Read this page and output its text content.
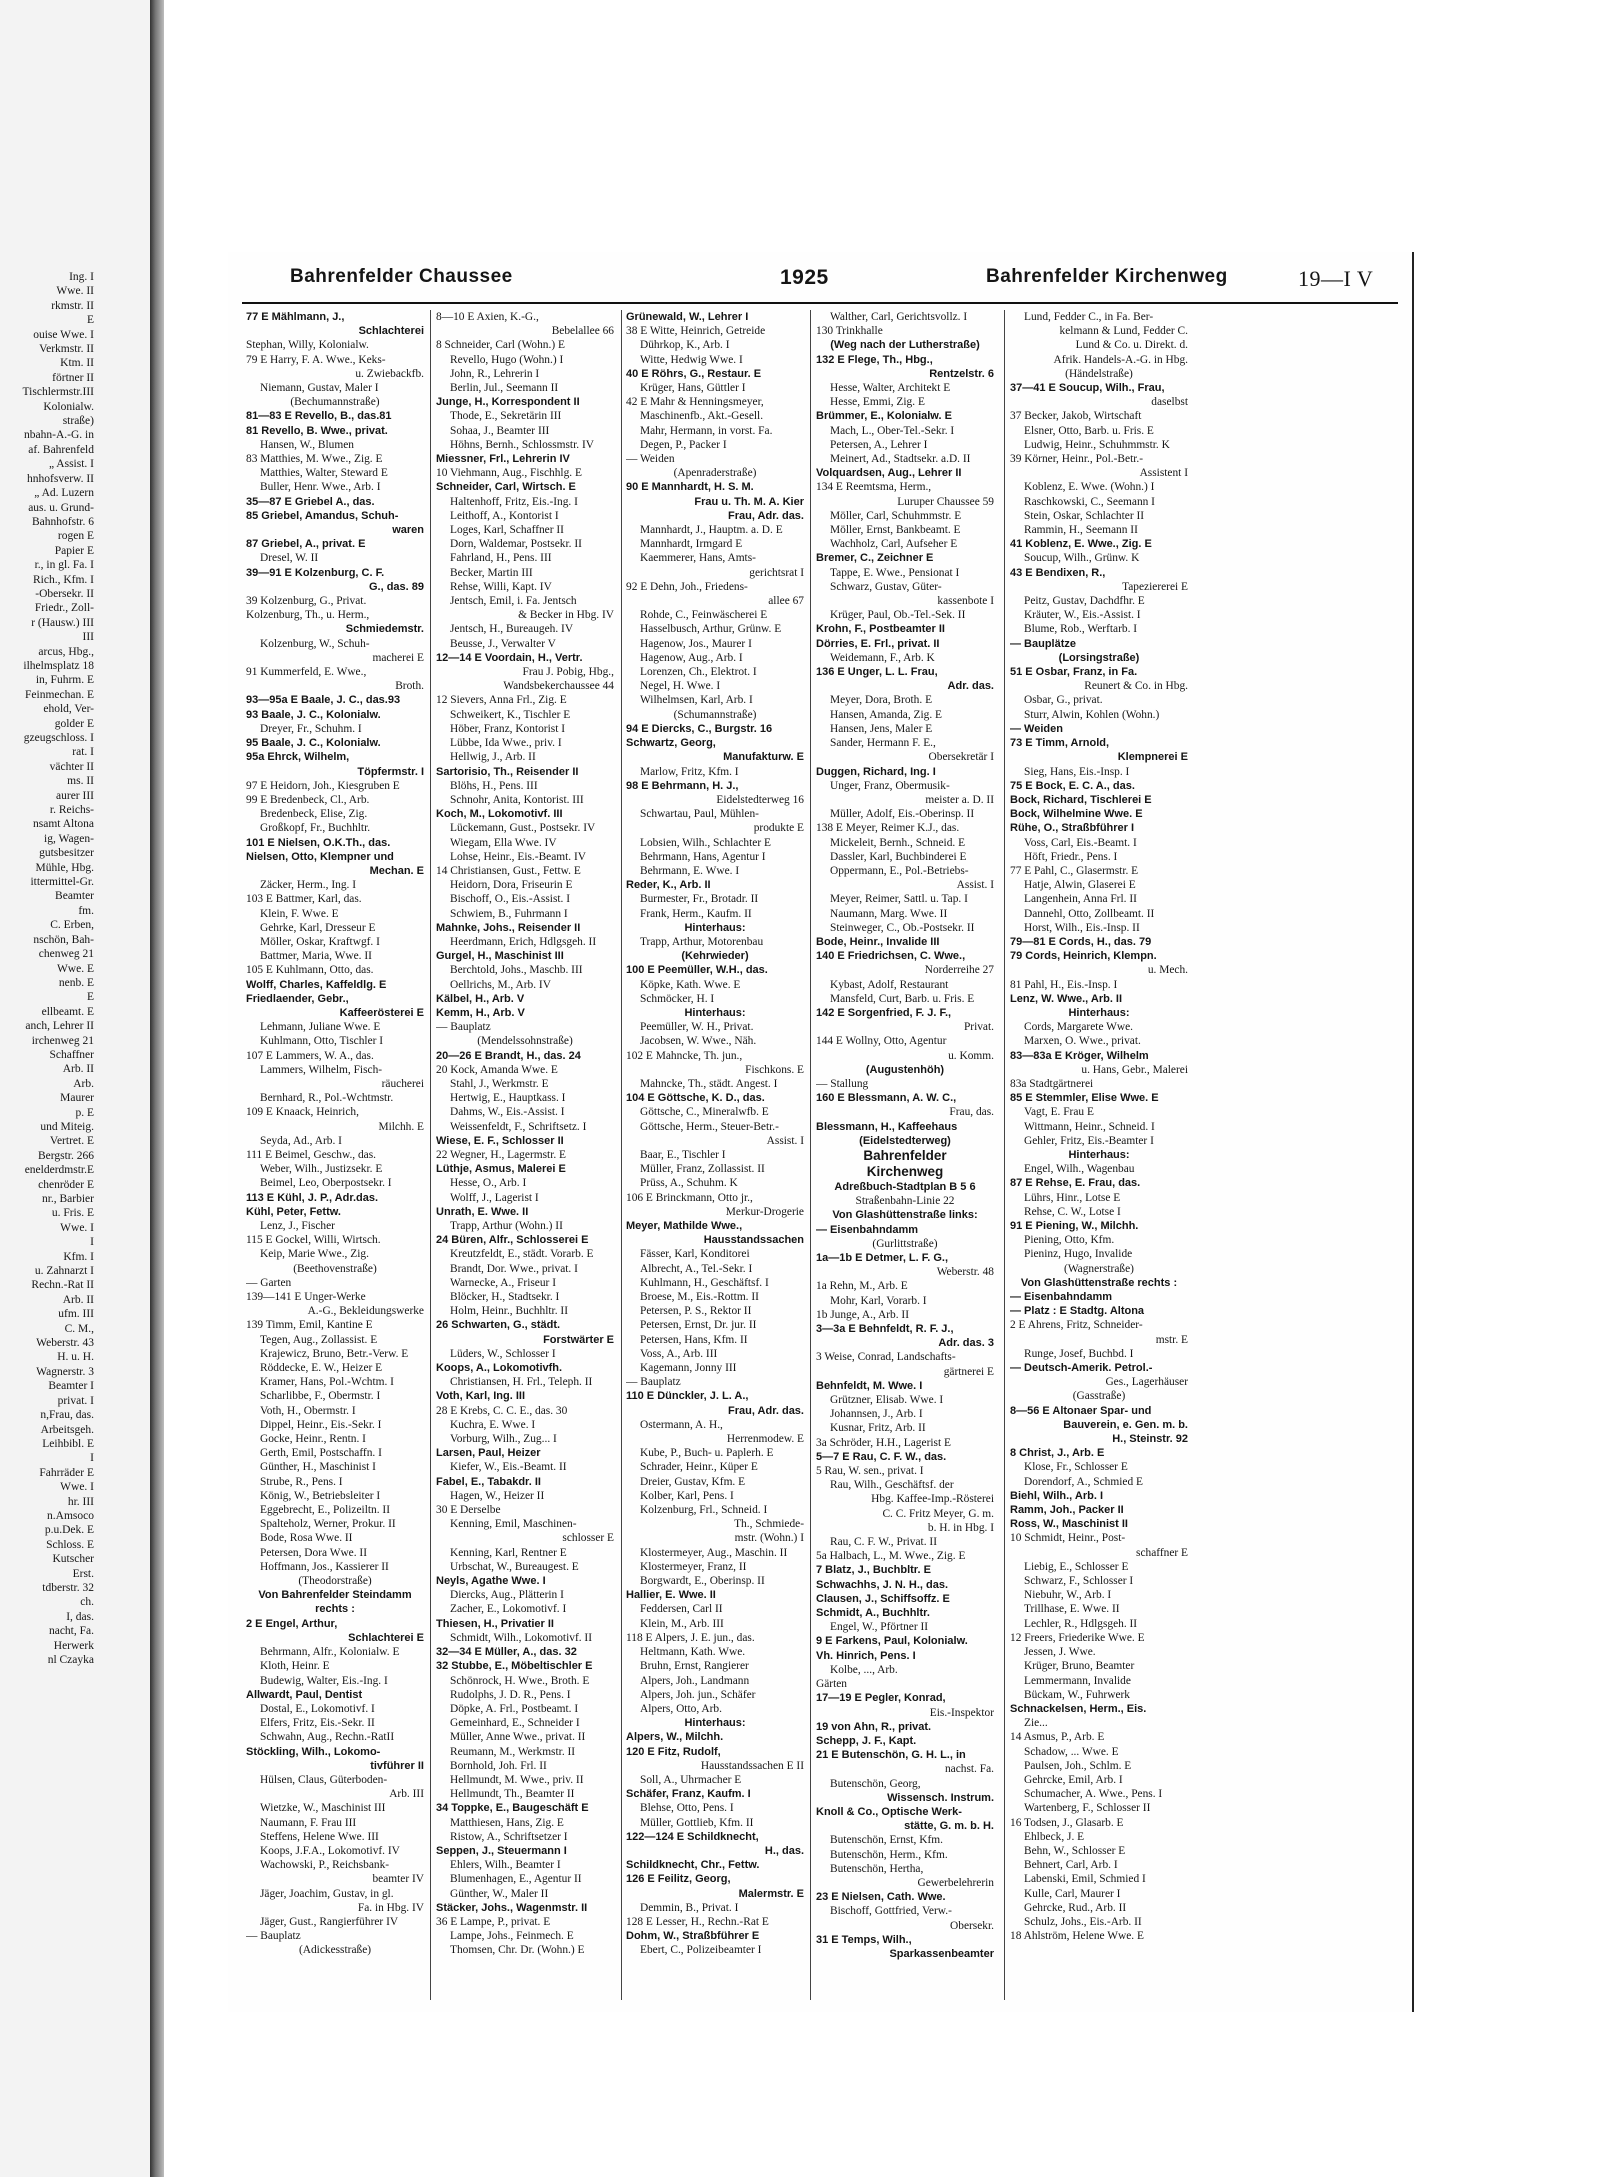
Ing. I
Wwe. II
rkmstr. II
E
ouise Wwe. I
Verkmstr. II
Ktm. II
förtner II
Tischlermstr.III
Kolonialw.
straße)
nbahn-A.-G. in
af. Bahrenfeld
„ Assist. I
hnhofsverw. II
„ Ad. Luzern
aus. u. Grund-
Bahnhofstr. 6
rogen E
Papier E
r., in gl. Fa. I
Rich., Kfm. I
-Obersekr. II
Friedr., Zoll-
r (Hausw.) III
III
arcus, Hbg.,
ilhelmsplatz 18
in, Fuhrm. E
Feinmechan. E
ehold, Ver-
golder E
gzeugschloss. I
rat. I
vächter II
ms. II
aurer III
r. Reichs-
nsamt Altona
ig, Wagen-
gutsbesitzer
Mühle, Hbg.
ittermittel-Gr.
Beamter
fm.
C. Erben,
nschön, Bah-
chenweg 21
Wwe. E
nenb. E
E
ellbeamt. E
anch, Lehrer II
irchenweg 21
Schaffner
Arb. II
Arb.
Maurer
p. E
und Miteig.
Vertret. E
Bergstr. 266
enelderdmstr.E
chenröder E
nr., Barbier
u. Fris. E
Wwe. I
I
Kfm. I
u. Zahnarzt I
Rechn.-Rat II
Arb. II
ufm. III
C. M.,
Weberstr. 43
H. u. H.
Wagnerstr. 3
Beamter I
privat. I
n,Frau, das.
Arbeitsgeh.
Leihbibl. E
I
Fahrräder E
Wwe. I
hr. III
n.Amsoco
p.u.Dek. E
Schloss. E
Kutscher
Erst.
tdberstr. 32
ch.
I, das.
nacht, Fa.
Herwerk
nl Czayka
Bahrenfelder Chaussee	1925	Bahrenfelder Kirchenweg	19—I V
77 E Mählmann, J.,
Schlachterei
Stephan, Willy, Kolonialw.
79 E Harry, F. A. Wwe., Keks-
u. Zwiebackfb.
Niemann, Gustav, Maler I
(Bechumannstraße)
81—83 E Revello, B., das.81
81 Revello, B. Wwe., privat.
Hansen, W., Blumen
83 Matthies, M. Wwe., Zig. E
Matthies, Walter, Steward E
Buller, Henr. Wwe., Arb. I
35—87 E Griebel A., das.
85 Griebel, Amandus, Schuh-
waren
87 Griebel, A., privat. E
Dresel, W. II
39—91 E Kolzenburg, C. F.
G., das. 89
39 Kolzenburg, G., Privat.
Kolzenburg, Th., u. Herm.,
Schmiedemstr.
Kolzenburg, W., Schuh-
macherei E
91 Kummerfeld, E. Wwe.,
Broth.
93—95a E Baale, J. C., das.93
93 Baale, J. C., Kolonialw.
Dreyer, Fr., Schuhm. I
95 Baale, J. C., Kolonialw.
95a Ehrck, Wilhelm,
Töpfermstr. I
97 E Heidorn, Joh., Kiesgruben E
99 E Bredenbeck, Cl., Arb.
Bredenbeck, Elise, Zig.
Großkopf, Fr., Buchhltr.
101 E Nielsen, O.K.Th., das.
Nielsen, Otto, Klempner und
Mechan. E
Zäcker, Herm., Ing. I
103 E Battmer, Karl, das.
Klein, F. Wwe. E
Gehrke, Karl, Dresseur E
Möller, Oskar, Kraftwgf. I
Battmer, Maria, Wwe. II
105 E Kuhlmann, Otto, das.
Wolff, Charles, Kaffeldlg. E
Friedlaender, Gebr.,
Kaffeerösterei E
Lehmann, Juliane Wwe. E
Kuhlmann, Otto, Tischler I
107 E Lammers, W. A., das.
Lammers, Wilhelm, Fisch-
räucherei
Bernhard, R., Pol.-Wchtmstr.
109 E Knaack, Heinrich,
Milchh. E
Seyda, Ad., Arb. I
111 E Beimel, Geschw., das.
Weber, Wilh., Justizsekr. E
Beimel, Leo, Oberpostsekr. I
113 E Kühl, J. P., Adr.das.
Kühl, Peter, Fettw.
Lenz, J., Fischer
115 E Gockel, Willi, Wirtsch.
Keip, Marie Wwe., Zig.
(Beethovenstraße)
— Garten
139—141 E Unger-Werke
A.-G., Bekleidungswerke
139 Timm, Emil, Kantine E
Tegen, Aug., Zollassist. E
Krajewicz, Bruno, Betr.-Verw. E
Röddecke, E. W., Heizer E
Kramer, Hans, Pol.-Wchtm. I
Scharlibbe, F., Obermstr. I
Voth, H., Obermstr. I
Dippel, Heinr., Eis.-Sekr. I
Gocke, Heinr., Rentn. I
Gerth, Emil, Postschaffn. I
Günther, H., Maschinist I
Strube, R., Pens. I
König, W., Betriebsleiter I
Eggebrecht, E., Polizeiltn. II
Spalteholz, Werner, Prokur. II
Bode, Rosa Wwe. II
Petersen, Dora Wwe. II
Hoffmann, Jos., Kassierer II
(Theodorstraße)
Von Bahrenfelder Steindamm
rechts :
2 E Engel, Arthur,
Schlachterei E
Behrmann, Alfr., Kolonialw. E
Kloth, Heinr. E
Budewig, Walter, Eis.-Ing. I
Allwardt, Paul, Dentist
Dostal, E., Lokomotivf. I
Elfers, Fritz, Eis.-Sekr. II
Schwahn, Aug., Rechn.-RatII
Stöckling, Wilh., Lokomo-
tivführer II
Hülsen, Claus, Güterboden-
Arb. III
Wietzke, W., Maschinist III
Naumann, F. Frau III
Steffens, Helene Wwe. III
Koops, J.F.A., Lokomotivf. IV
Wachowski, P., Reichsbank-
beamter IV
Jäger, Joachim, Gustav, in gl.
Fa. in Hbg. IV
Jäger, Gust., Rangierführer IV
— Bauplatz
(Adickesstraße)
8—10 E Axien, K.-G.,
Bebelallee 66
8 Schneider, Carl (Wohn.) E
Revello, Hugo (Wohn.) I
John, R., Lehrerin I
Berlin, Jul., Seemann II
Junge, H., Korrespondent II
Thode, E., Sekretärin III
Sohaa, J., Beamter III
Höhns, Bernh., Schlossmstr. IV
Miessner, Frl., Lehrerin IV
10 Viehmann, Aug., Fischhlg. E
Schneider, Carl, Wirtsch. E
Haltenhoff, Fritz, Eis.-Ing. I
Leithoff, A., Kontorist I
Loges, Karl, Schaffner II
Dorn, Waldemar, Postsekr. II
Fahrland, H., Pens. III
Becker, Martin III
Rehse, Willi, Kapt. IV
Jentsch, Emil, i. Fa. Jentsch
& Becker in Hbg. IV
Jentsch, H., Bureaugeh. IV
Beusse, J., Verwalter V
12—14 E Voordain, H., Vertr.
Frau J. Pobig, Hbg.,
Wandsbekerchaussee 44
12 Sievers, Anna Frl., Zig. E
Schweikert, K., Tischler E
Höber, Franz, Kontorist I
Lübbe, Ida Wwe., priv. I
Hellwig, J., Arb. II
Sartorisio, Th., Reisender II
Blöhs, H., Pens. III
Schnohr, Anita, Kontorist. III
Koch, M., Lokomotivf. III
Lückemann, Gust., Postsekr. IV
Wiegam, Ella Wwe. IV
Lohse, Heinr., Eis.-Beamt. IV
14 Christiansen, Gust., Fettw. E
Heidorn, Dora, Friseurin E
Bischoff, O., Eis.-Assist. I
Schwiem, B., Fuhrmann I
Mahnke, Johs., Reisender II
Heerdmann, Erich, Hdlgsgeh. II
Gurgel, H., Maschinist III
Berchtold, Johs., Maschb. III
Oellrichs, M., Arb. IV
Kälbel, H., Arb. V
Kemm, H., Arb. V
— Bauplatz
(Mendelssohnstraße)
20—26 E Brandt, H., das. 24
20 Kock, Amanda Wwe. E
Stahl, J., Werkmstr. E
Hertwig, E., Hauptkass. I
Dahms, W., Eis.-Assist. I
Weissenfeldt, F., Schriftsetz. I
Wiese, E. F., Schlosser II
22 Wegner, H., Lagermstr. E
Lüthje, Asmus, Malerei E
Hesse, O., Arb. I
Wolff, J., Lagerist I
Unrath, E. Wwe. II
Trapp, Arthur (Wohn.) II
24 Büren, Alfr., Schlosserei E
Kreutzfeldt, E., städt. Vorarb. E
Brandt, Dor. Wwe., privat. I
Warnecke, A., Friseur I
Blöcker, H., Stadtsekr. I
Holm, Heinr., Buchhltr. II
26 Schwarten, G., städt.
Forstwärter E
Lüders, W., Schlosser I
Koops, A., Lokomotivfh.
Christiansen, H. Frl., Teleph. II
Voth, Karl, Ing. III
28 E Krebs, C. C. E., das. 30
Kuchra, E. Wwe. I
Vorburg, Wilh., Zug... I
Larsen, Paul, Heizer
Kiefer, W., Eis.-Beamt. II
Fabel, E., Tabakdr. II
Hagen, W., Heizer II
30 E Derselbe
Kenning, Emil, Maschinen-
schlosser E
Kenning, Karl, Rentner E
Urbschat, W., Bureaugest. E
Neyls, Agathe Wwe. I
Diercks, Aug., Plätterin I
Zacher, E., Lokomotivf. I
Thiesen, H., Privatier II
Schmidt, Wilh., Lokomotivf. II
32—34 E Müller, A., das. 32
32 Stubbe, E., Möbeltischler E
Schönrock, H. Wwe., Broth. E
Rudolphs, J. D. R., Pens. I
Döpke, A. Frl., Postbeamt. I
Gemeinhard, E., Schneider I
Müller, Anne Wwe., privat. II
Reumann, M., Werkmstr. II
Bornhold, Joh. Frl. II
Hellmundt, M. Wwe., priv. II
Hellmundt, Th., Beamter II
34 Toppke, E., Baugeschäft E
Matthiesen, Hans, Zig. E
Ristow, A., Schriftsetzer I
Seppen, J., Steuermann I
Ehlers, Wilh., Beamter I
Blumenhagen, E., Agentur II
Günther, W., Maler II
Stäcker, Johs., Wagenmstr. II
36 E Lampe, P., privat. E
Lampe, Johs., Feinmech. E
Thomsen, Chr. Dr. (Wohn.) E
Grünewald, W., Lehrer I
38 E Witte, Heinrich, Getreide
Dührkop, K., Arb. I
Witte, Hedwig Wwe. I
40 E Röhrs, G., Restaur. E
Krüger, Hans, Güttler I
42 E Mahr & Henningsmeyer,
Maschinenfb., Akt.-Gesell.
Mahr, Hermann, in vorst. Fa.
Degen, P., Packer I
— Weiden
(Apenraderstraße)
90 E Mannhardt, H. S. M.
Frau u. Th. M. A. Kier
Frau, Adr. das.
Mannhardt, J., Hauptm. a. D. E
Mannhardt, Irmgard E
Kaemmerer, Hans, Amts-
gerichtsrat I
92 E Dehn, Joh., Friedens-
allee 67
Rohde, C., Feinwäscherei E
Hasselbusch, Arthur, Grünw. E
Hagenow, Jos., Maurer I
Hagenow, Aug., Arb. I
Lorenzen, Ch., Elektrot. I
Negel, H. Wwe. I
Wilhelmsen, Karl, Arb. I
(Schumannstraße)
94 E Diercks, C., Burgstr. 16
Schwartz, Georg,
Manufakturw. E
Marlow, Fritz, Kfm. I
98 E Behrmann, H. J.,
Eidelstedterweg 16
Schwartau, Paul, Mühlen-
produkte E
Lobsien, Wilh., Schlachter E
Behrmann, Hans, Agentur I
Behrmann, E. Wwe. I
Reder, K., Arb. II
Burmester, Fr., Brotadr. II
Frank, Herm., Kaufm. II
Hinterhaus:
Trapp, Arthur, Motorenbau
(Kehrwieder)
100 E Peemüller, W.H., das.
Köpke, Kath. Wwe. E
Schmöcker, H. I
Hinterhaus:
Peemüller, W. H., Privat.
Jacobsen, W. Wwe., Näh.
102 E Mahncke, Th. jun.,
Fischkons. E
Mahncke, Th., städt. Angest. I
104 E Göttsche, K. D., das.
Göttsche, C., Mineralwfb. E
Göttsche, Herm., Steuer-Betr.-
Assist. I
Baar, E., Tischler I
Müller, Franz, Zollassist. II
Prüss, A., Schuhm. K
106 E Brinckmann, Otto jr.,
Merkur-Drogerie
Meyer, Mathilde Wwe.,
Hausstandssachen
Fässer, Karl, Konditorei
Albrecht, A., Tel.-Sekr. I
Kuhlmann, H., Geschäftsf. I
Broese, M., Eis.-Rottm. II
Petersen, P. S., Rektor II
Petersen, Ernst, Dr. jur. II
Petersen, Hans, Kfm. II
Voss, A., Arb. III
Kagemann, Jonny III
— Bauplatz
110 E Dünckler, J. L. A.,
Frau, Adr. das.
Ostermann, A. H.,
Herrenmodew. E
Kube, P., Buch- u. Paplerh. E
Schrader, Heinr., Küper E
Dreier, Gustav, Kfm. E
Kolber, Karl, Pens. I
Kolzenburg, Frl., Schneid. I
Th., Schmiede-
mstr. (Wohn.) I
Klostermeyer, Aug., Maschin. II
Klostermeyer, Franz, II
Borgwardt, E., Oberinsp. II
Hallier, E. Wwe. II
Feddersen, Carl II
Klein, M., Arb. III
118 E Alpers, J. E. jun., das.
Heltmann, Kath. Wwe.
Bruhn, Ernst, Rangierer
Alpers, Joh., Landmann
Alpers, Joh. jun., Schäfer
Alpers, Otto, Arb.
Hinterhaus:
Alpers, W., Milchh.
120 E Fitz, Rudolf,
Hausstandssachen E II
Soll, A., Uhrmacher E
Schäfer, Franz, Kaufm. I
Blehse, Otto, Pens. I
Müller, Gottlieb, Kfm. II
122—124 E Schildknecht,
H., das.
Schildknecht, Chr., Fettw.
126 E Feilitz, Georg,
Malermstr. E
Demmin, B., Privat. I
128 E Lesser, H., Rechn.-Rat E
Dohm, W., Straßbführer E
Ebert, C., Polizeibeamter I
Walther, Carl, Gerichtsvollz. I
130 Trinkhalle
(Weg nach der Lutherstraße)
132 E Flege, Th., Hbg.,
Rentzelstr. 6
Hesse, Walter, Architekt E
Hesse, Emmi, Zig. E
Brümmer, E., Kolonialw. E
Mach, L., Ober-Tel.-Sekr. I
Petersen, A., Lehrer I
Meinert, Ad., Stadtsekr. a.D. II
Volquardsen, Aug., Lehrer II
134 E Reemtsma, Herm.,
Luruper Chaussee 59
Möller, Carl, Schuhmmstr. E
Möller, Ernst, Bankbeamt. E
Wachholz, Carl, Aufseher E
Bremer, C., Zeichner E
Tappe, E. Wwe., Pensionat I
Schwarz, Gustav, Güter-
kassenbote I
Krüger, Paul, Ob.-Tel.-Sek. II
Krohn, F., Postbeamter II
Dörries, E. Frl., privat. II
Weidemann, F., Arb. K
136 E Unger, L. L. Frau,
Adr. das.
Meyer, Dora, Broth. E
Hansen, Amanda, Zig. E
Hansen, Jens, Maler E
Sander, Hermann F. E.,
Obersekretär I
Duggen, Richard, Ing. I
Unger, Franz, Obermusik-
meister a. D. II
Müller, Adolf, Eis.-Oberinsp. II
138 E Meyer, Reimer K.J., das.
Mickeleit, Bernh., Schneid. E
Dassler, Karl, Buchbinderei E
Oppermann, E., Pol.-Betriebs-
Assist. I
Meyer, Reimer, Sattl. u. Tap. I
Naumann, Marg. Wwe. II
Steinweger, C., Ob.-Postsekr. II
Bode, Heinr., Invalide III
140 E Friedrichsen, C. Wwe.,
Norderreihe 27
Kybast, Adolf, Restaurant
Mansfeld, Curt, Barb. u. Fris. E
142 E Sorgenfried, F. J. F.,
Privat.
144 E Wollny, Otto, Agentur
u. Komm.
(Augustenhöh)
— Stallung
160 E Blessmann, A. W. C.,
Frau, das.
Blessmann, H., Kaffeehaus
(Eidelstedterweg)
Bahrenfelder
Kirchenweg
Adreßbuch-Stadtplan B 5 6
Straßenbahn-Linie 22
Von Glashüttenstraße links:
— Eisenbahndamm
(Gurlittstraße)
1a—1b E Detmer, L. F. G.,
Weberstr. 48
1a Rehn, M., Arb. E
Mohr, Karl, Vorarb. I
1b Junge, A., Arb. II
3—3a E Behnfeldt, R. F. J.,
Adr. das. 3
3 Weise, Conrad, Landschafts-
gärtnerei E
Behnfeldt, M. Wwe. I
Grützner, Elisab. Wwe. I
Johannsen, J., Arb. I
Kusnar, Fritz, Arb. II
3a Schröder, H.H., Lagerist E
5—7 E Rau, C. F. W., das.
5 Rau, W. sen., privat. I
Rau, Wilh., Geschäftsf. der
Hbg. Kaffee-Imp.-Rösterei
C. C. Fritz Meyer, G. m.
b. H. in Hbg. I
Rau, C. F. W., Privat. II
5a Halbach, L., M. Wwe., Zig. E
7 Blatz, J., Buchbltr. E
Schwachhs, J. N. H., das.
Clausen, J., Schiffsoffz. E
Schmidt, A., Buchhltr.
Engel, W., Pförtner II
9 E Farkens, Paul, Kolonialw.
Vh. Hinrich, Pens. I
Kolbe, ..., Arb.
Gärten
17—19 E Pegler, Konrad,
Eis.-Inspektor
19 von Ahn, R., privat.
Schepp, J. F., Kapt.
21 E Butenschön, G. H. L., in
nachst. Fa.
Butenschön, Georg,
Wissensch. Instrum.
Knoll & Co., Optische Werk-
stätte, G. m. b. H.
Butenschön, Ernst, Kfm.
Butenschön, Herm., Kfm.
Butenschön, Hertha,
Gewerbelehrerin
23 E Nielsen, Cath. Wwe.
Bischoff, Gottfried, Verw.-
Obersekr.
31 E Temps, Wilh.,
Sparkassenbeamter
Lund, Fedder C., in Fa. Ber-
kelmann & Lund, Fedder C.
Lund & Co. u. Direkt. d.
Afrik. Handels-A.-G. in Hbg.
(Händelstraße)
37—41 E Soucup, Wilh., Frau,
daselbst
37 Becker, Jakob, Wirtschaft
Elsner, Otto, Barb. u. Fris. E
Ludwig, Heinr., Schuhmmstr. K
39 Körner, Heinr., Pol.-Betr.-
Assistent I
Koblenz, E. Wwe. (Wohn.) I
Raschkowski, C., Seemann I
Stein, Oskar, Schlachter II
Rammin, H., Seemann II
41 Koblenz, E. Wwe., Zig. E
Soucup, Wilh., Grünw. K
43 E Bendixen, R.,
Tapeziererei E
Peitz, Gustav, Dachdfhr. E
Kräuter, W., Eis.-Assist. I
Blume, Rob., Werftarb. I
— Bauplätze
(Lorsingstraße)
51 E Osbar, Franz, in Fa.
Reunert & Co. in Hbg.
Osbar, G., privat.
Sturr, Alwin, Kohlen (Wohn.)
— Weiden
73 E Timm, Arnold,
Klempnerei E
Sieg, Hans, Eis.-Insp. I
75 E Bock, E. C. A., das.
Bock, Richard, Tischlerei E
Bock, Wilhelmine Wwe. E
Rühe, O., Straßbführer I
Voss, Carl, Eis.-Beamt. I
Höft, Friedr., Pens. I
77 E Pahl, C., Glasermstr. E
Hatje, Alwin, Glaserei E
Langenhein, Anna Frl. II
Dannehl, Otto, Zollbeamt. II
Horst, Wilh., Eis.-Insp. II
79—81 E Cords, H., das. 79
79 Cords, Heinrich, Klempn.
u. Mech.
81 Pahl, H., Eis.-Insp. I
Lenz, W. Wwe., Arb. II
Hinterhaus:
Cords, Margarete Wwe.
Marxen, O. Wwe., privat.
83—83a E Kröger, Wilhelm
u. Hans, Gebr., Malerei
83a Stadtgärtnerei
85 E Stemmler, Elise Wwe. E
Vagt, E. Frau E
Wittmann, Heinr., Schneid. I
Gehler, Fritz, Eis.-Beamter I
Hinterhaus:
Engel, Wilh., Wagenbau
87 E Rehse, E. Frau, das.
Lührs, Hinr., Lotse E
Rehse, C. W., Lotse I
91 E Piening, W., Milchh.
Piening, Otto, Kfm.
Pieninz, Hugo, Invalide
(Wagnerstraße)
Von Glashüttenstraße rechts :
— Eisenbahndamm
— Platz : E Stadtg. Altona
2 E Ahrens, Fritz, Schneider-
mstr. E
Runge, Josef, Buchbd. I
— Deutsch-Amerik. Petrol.-
Ges., Lagerhäuser
(Gasstraße)
8—56 E Altonaer Spar- und
Bauverein, e. Gen. m. b.
H., Steinstr. 92
8 Christ, J., Arb. E
Klose, Fr., Schlosser E
Dorendorf, A., Schmied E
Biehl, Wilh., Arb. I
Ramm, Joh., Packer II
Ross, W., Maschinist II
10 Schmidt, Heinr., Post-
schaffner E
Liebig, E., Schlosser E
Schwarz, F., Schlosser I
Niebuhr, W., Arb. I
Trillhase, E. Wwe. II
Lechler, R., Hdlgsgeh. II
12 Freers, Friederike Wwe. E
Jessen, J. Wwe.
Krüger, Bruno, Beamter
Lemmermann, Invalide
Bückam, W., Fuhrwerk
Schnackelsen, Herm., Eis.
Zie...
14 Asmus, P., Arb. E
Schadow, ... Wwe. E
Paulsen, Joh., Schlm. E
Gehrcke, Emil, Arb. I
Schumacher, A. Wwe., Pens. I
Wartenberg, F., Schlosser II
16 Todsen, J., Glasarb. E
Ehlbeck, J. E
Behn, W., Schlosser E
Behnert, Carl, Arb. I
Labenski, Emil, Schmied I
Kulle, Carl, Maurer I
Gehrcke, Rud., Arb. II
Schulz, Johs., Eis.-Arb. II
18 Ahlström, Helene Wwe. E
